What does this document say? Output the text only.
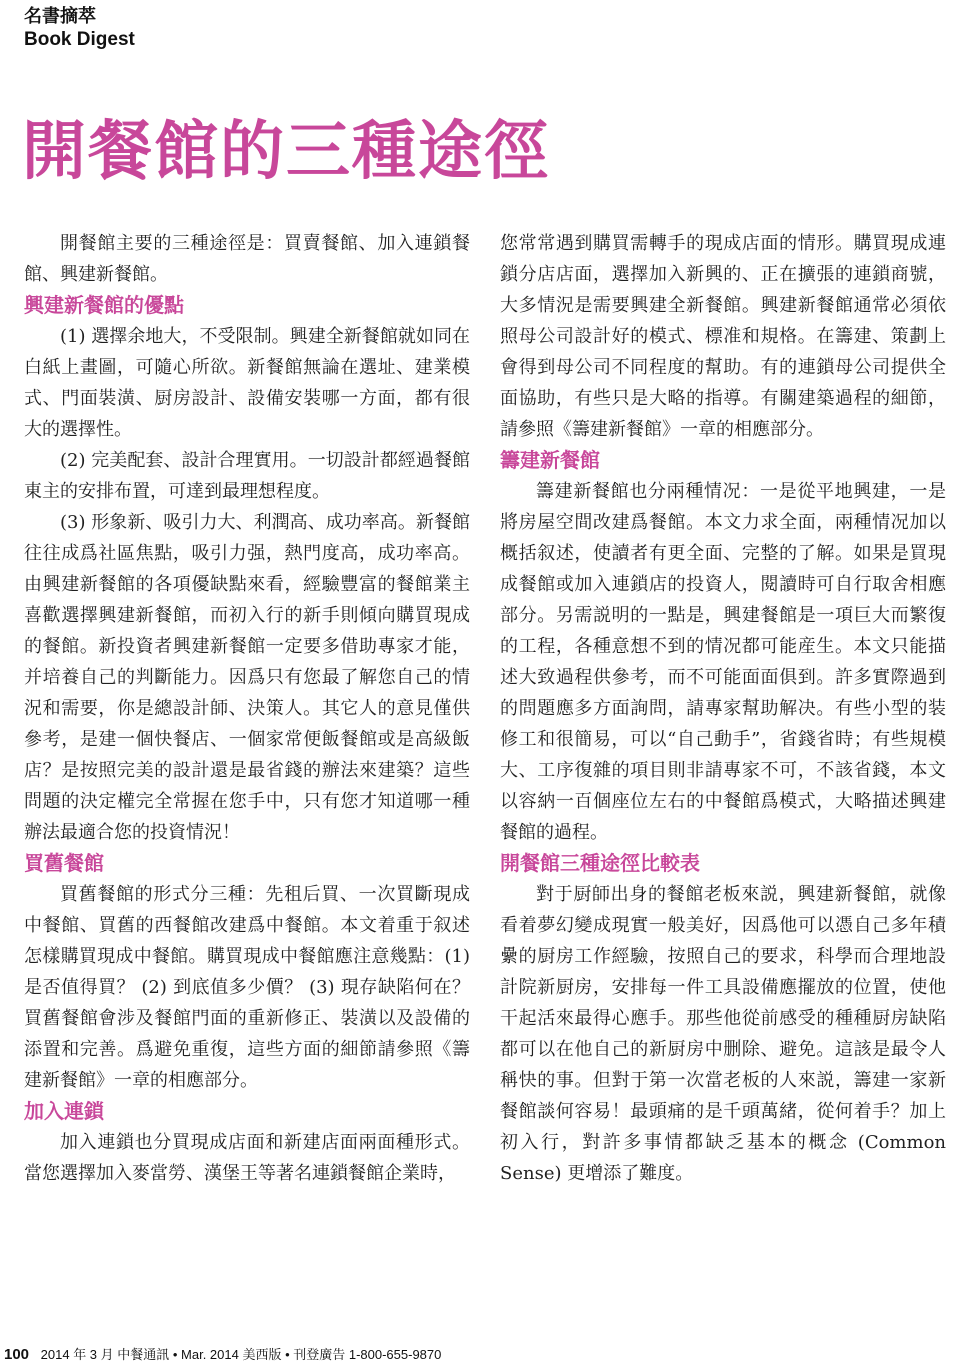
名書摘萃
Book Digest
開餐館的三種途徑

開餐館主要的三種途徑是：買賣餐館、加入連鎖餐館、興建新餐館。

興建新餐館的優點

(1) 選擇余地大，不受限制。興建全新餐館就如同在白紙上畫圖，可隨心所欲。新餐館無論在選址、建業模式、門面裝潢、厨房設計、設備安裝哪一方面，都有很大的選擇性。

(2) 完美配套、設計合理實用。一切設計都經過餐館東主的安排布置，可達到最理想程度。

(3) 形象新、吸引力大、利潤高、成功率高。新餐館往往成爲社區焦點，吸引力强，熱門度高，成功率高。由興建新餐館的各項優缺點來看，經驗豐富的餐館業主喜歡選擇興建新餐館，而初入行的新手則傾向購買現成的餐館。新投資者興建新餐館一定要多借助專家才能，并培養自己的判斷能力。因爲只有您最了解您自己的情況和需要，你是總設計師、決策人。其它人的意見僅供參考，是建一個快餐店、一個家常便飯餐館或是高級飯店？是按照完美的設計還是最省錢的辦法來建築？這些問題的決定權完全常握在您手中，只有您才知道哪一種辦法最適合您的投資情況！

買舊餐館

買舊餐館的形式分三種：先租后買、一次買斷現成中餐館、買舊的西餐館改建爲中餐館。本文着重于叙述怎樣購買現成中餐館。購買現成中餐館應注意幾點：(1) 是否值得買？ (2) 到底值多少價？ (3) 現存缺陷何在？買舊餐館會涉及餐館門面的重新修正、裝潢以及設備的添置和完善。爲避免重復，這些方面的細節請參照《籌建新餐館》一章的相應部分。

加入連鎖

加入連鎖也分買現成店面和新建店面兩面種形式。當您選擇加入麥當勞、漢堡王等著名連鎖餐館企業時，

您常常遇到購買需轉手的現成店面的情形。購買現成連鎖分店店面，選擇加入新興的、正在擴張的連鎖商號，大多情況是需要興建全新餐館。興建新餐館通常必須依照母公司設計好的模式、標准和規格。在籌建、策劃上會得到母公司不同程度的幫助。有的連鎖母公司提供全面協助，有些只是大略的指導。有關建築過程的細節，請參照《籌建新餐館》一章的相應部分。

籌建新餐館

籌建新餐館也分兩種情况：一是從平地興建，一是將房屋空間改建爲餐館。本文力求全面，兩種情况加以概括叙述，使讀者有更全面、完整的了解。如果是買現成餐館或加入連鎖店的投資人，閱讀時可自行取舍相應部分。另需説明的一點是，興建餐館是一項巨大而繁復的工程，各種意想不到的情况都可能産生。本文只能描述大致過程供參考，而不可能面面俱到。許多實際過到的問題應多方面詢問，請專家幫助解决。有些小型的装修工和很簡易，可以“自己動手”，省錢省時；有些規模大、工序復雜的項目則非請專家不可，不該省錢，本文以容納一百個座位左右的中餐館爲模式，大略描述興建餐館的過程。

開餐館三種途徑比較表

對于厨師出身的餐館老板來説，興建新餐館，就像看着夢幻變成現實一般美好，因爲他可以憑自己多年積纍的厨房工作經驗，按照自己的要求，科學而合理地設計院新厨房，安排每一件工具設備應擺放的位置，使他干起活來最得心應手。那些他從前感受的種種厨房缺陷都可以在他自己的新厨房中删除、避免。這該是最令人稱快的事。但對于第一次當老板的人來説，籌建一家新餐館談何容易！最頭痛的是千頭萬緒，從何着手？加上初入行，對許多事情都缺乏基本的概念 (Common Sense) 更增添了難度。

100 2014 年 3 月 中餐通訊 • Mar. 2014 美西版 • 刊登廣告 1-800-655-9870
